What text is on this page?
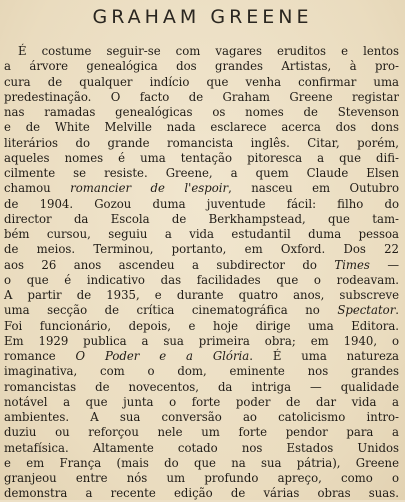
GRAHAM GREENE
É costume seguir-se com vagares eruditos e lentos
a árvore genealógica dos grandes Artistas, à pro-
cura de qualquer indício que venha confirmar uma
predestinação. O facto de Graham Greene registar
nas ramadas genealógicas os nomes de Stevenson
e de White Melville nada esclarece acerca dos dons
literários do grande romancista inglês. Citar, porém,
aqueles nomes é uma tentação pitoresca a que difi-
cilmente se resiste. Greene, a quem Claude Elsen
chamou romancier de l'espoir, nasceu em Outubro
de 1904. Gozou duma juventude fácil: filho do
director da Escola de Berkhampstead, que tam-
bém cursou, seguiu a vida estudantil duma pessoa
de meios. Terminou, portanto, em Oxford. Dos 22
aos 26 anos ascendeu a subdirector do Times —
o que é indicativo das facilidades que o rodeavam.
A partir de 1935, e durante quatro anos, subscreve
uma secção de crítica cinematográfica no Spectator.
Foi funcionário, depois, e hoje dirige uma Editora.
Em 1929 publica a sua primeira obra; em 1940, o
romance O Poder e a Glória. É uma natureza
imaginativa, com o dom, eminente nos grandes
romancistas de novecentos, da intriga — qualidade
notável a que junta o forte poder de dar vida a
ambientes. A sua conversão ao catolicismo intro-
duziu ou reforçou nele um forte pendor para a
metafísica. Altamente cotado nos Estados Unidos
e em França (mais do que na sua pátria), Greene
granjeou entre nós um profundo apreço, como o
demonstra a recente edição de várias obras suas.
